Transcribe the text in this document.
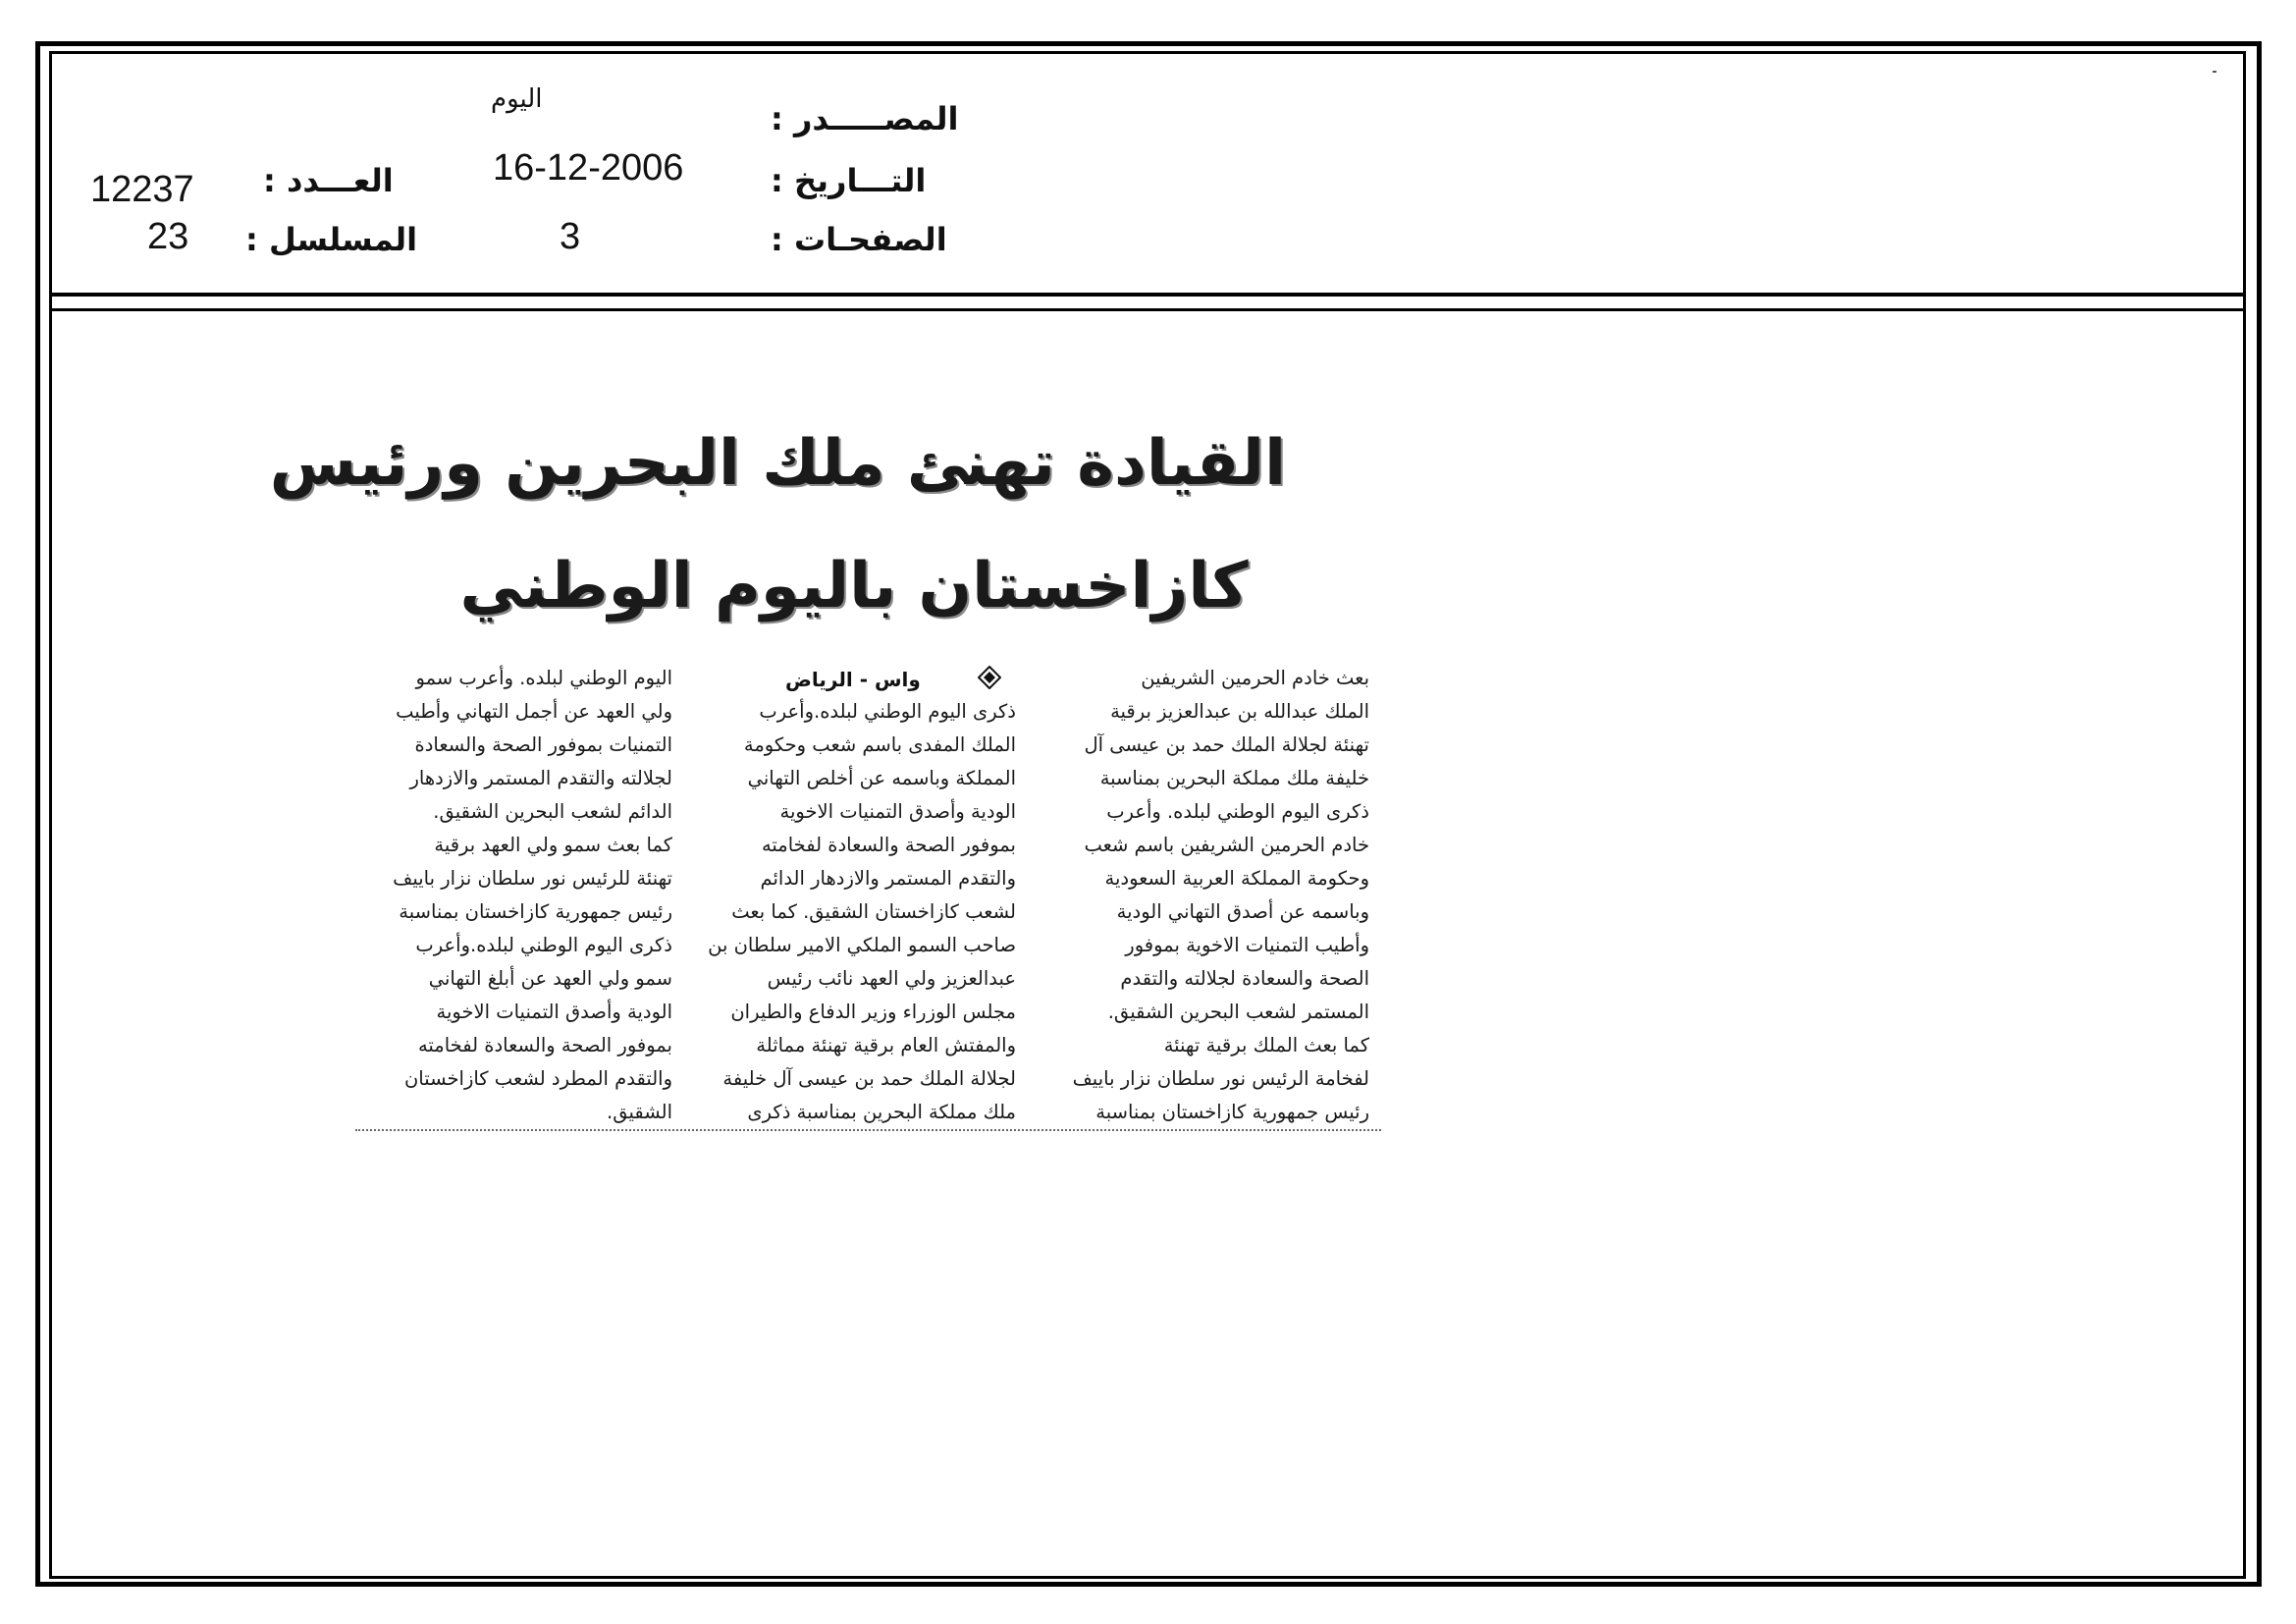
المصـــــدر :
التـــاريخ :
الصفحـات :
العـــدد :
المسلسل :
اليوم
16-12-2006
3
12237
23
القيادة تهنئ ملك البحرين ورئيس
كازاخستان باليوم الوطني
واس - الرياض	بعث خادم الحرمين الشريفين
الملك عبدالله بن عبدالعزيز برقية
تهنئة لجلالة الملك حمد بن عيسى آل
خليفة ملك مملكة البحرين بمناسبة
ذكرى اليوم الوطني لبلده. وأعرب
خادم الحرمين الشريفين باسم شعب
وحكومة المملكة العربية السعودية
وباسمه عن أصدق التهاني الودية
وأطيب التمنيات الاخوية بموفور
الصحة والسعادة لجلالته والتقدم
المستمر لشعب البحرين الشقيق.
كما بعث الملك برقية تهنئة
لفخامة الرئيس نور سلطان نزار باييف
رئيس جمهورية كازاخستان بمناسبة
ذكرى اليوم الوطني لبلده.وأعرب
الملك المفدى باسم شعب وحكومة
المملكة وباسمه عن أخلص التهاني
الودية وأصدق التمنيات الاخوية
بموفور الصحة والسعادة لفخامته
والتقدم المستمر والازدهار الدائم
لشعب كازاخستان الشقيق. كما بعث
صاحب السمو الملكي الامير سلطان بن
عبدالعزيز ولي العهد نائب رئيس
مجلس الوزراء وزير الدفاع والطيران
والمفتش العام برقية تهنئة مماثلة
لجلالة الملك حمد بن عيسى آل خليفة
ملك مملكة البحرين بمناسبة ذكرى
اليوم الوطني لبلده. وأعرب سمو
ولي العهد عن أجمل التهاني وأطيب
التمنيات بموفور الصحة والسعادة
لجلالته والتقدم المستمر والازدهار
الدائم لشعب البحرين الشقيق.
كما بعث سمو ولي العهد برقية
تهنئة للرئيس نور سلطان نزار باييف
رئيس جمهورية كازاخستان بمناسبة
ذكرى اليوم الوطني لبلده.وأعرب
سمو ولي العهد عن أبلغ التهاني
الودية وأصدق التمنيات الاخوية
بموفور الصحة والسعادة لفخامته
والتقدم المطرد لشعب كازاخستان
الشقيق.
